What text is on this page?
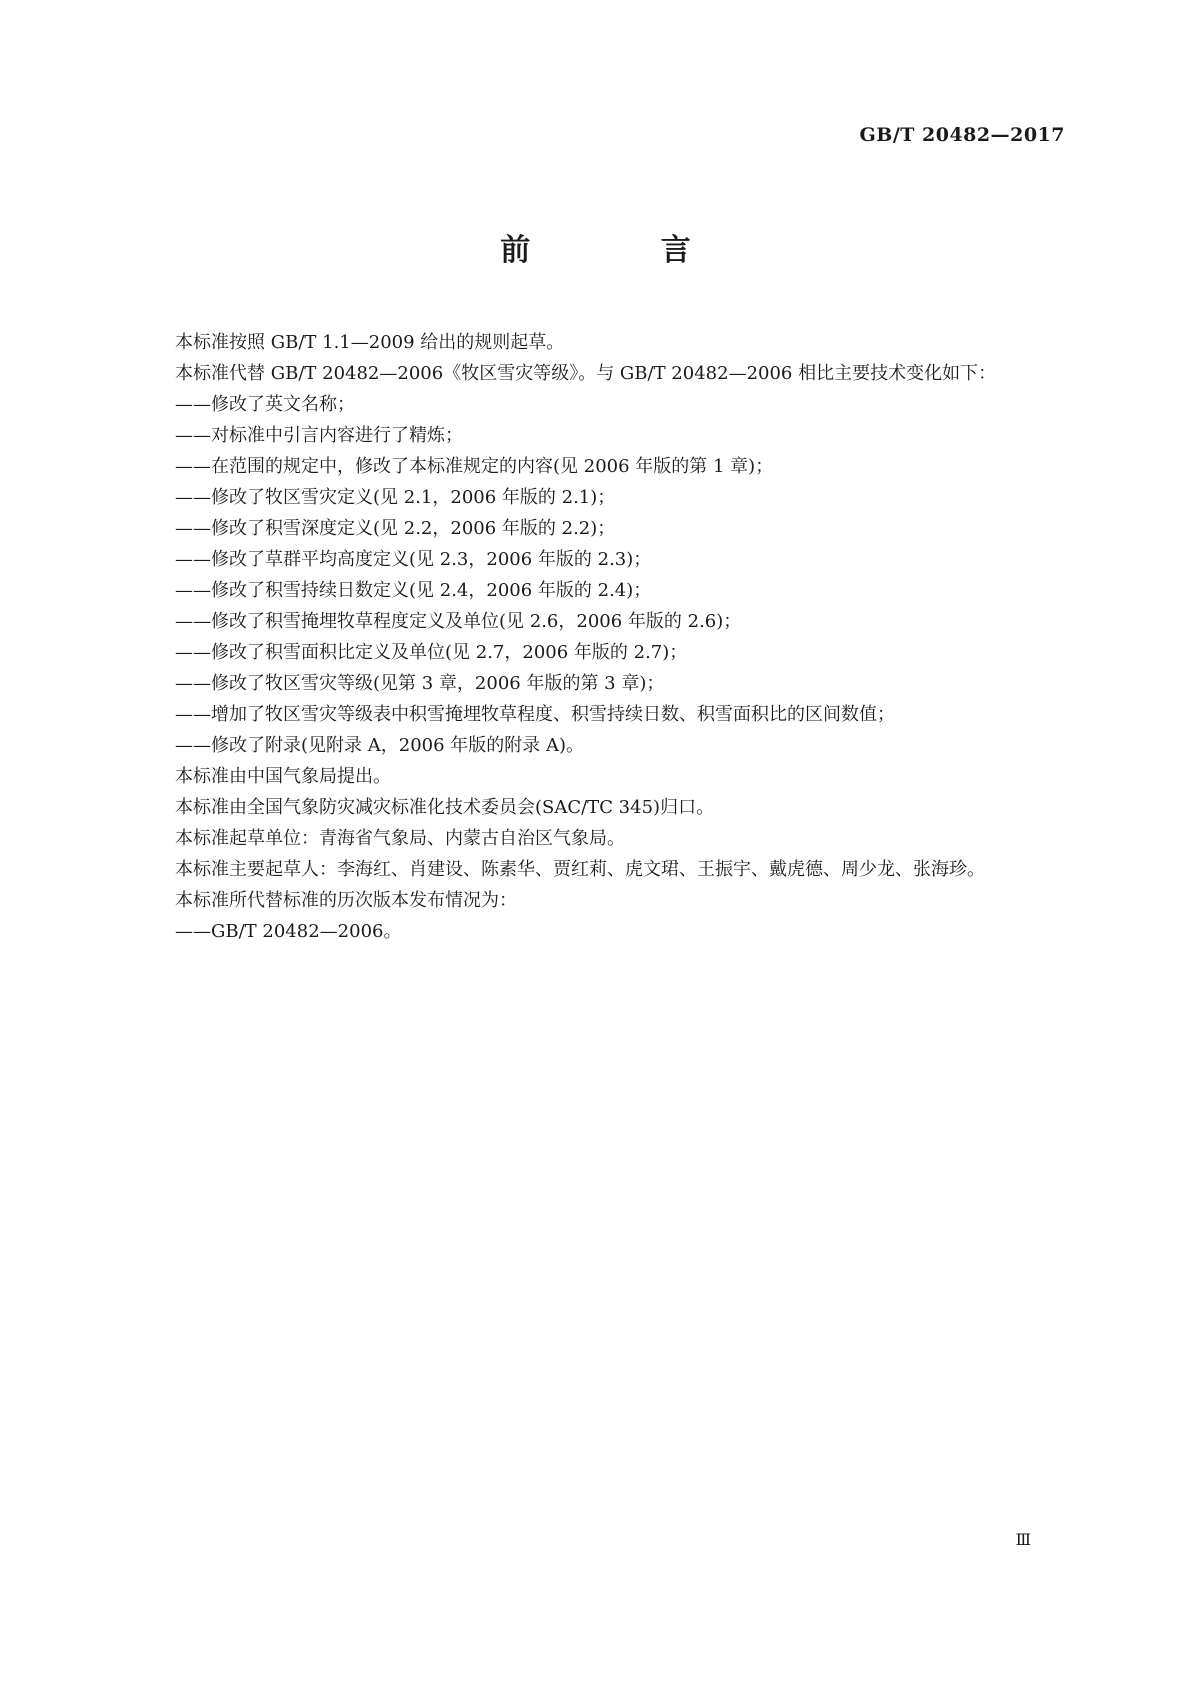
GB/T 20482—2017
前 言
本标准按照 GB/T 1.1—2009 给出的规则起草。
本标准代替 GB/T 20482—2006《牧区雪灾等级》。与 GB/T 20482—2006 相比主要技术变化如下：
——修改了英文名称；
——对标准中引言内容进行了精炼；
——在范围的规定中，修改了本标准规定的内容(见 2006 年版的第 1 章)；
——修改了牧区雪灾定义(见 2.1，2006 年版的 2.1)；
——修改了积雪深度定义(见 2.2，2006 年版的 2.2)；
——修改了草群平均高度定义(见 2.3，2006 年版的 2.3)；
——修改了积雪持续日数定义(见 2.4，2006 年版的 2.4)；
——修改了积雪掩埋牧草程度定义及单位(见 2.6，2006 年版的 2.6)；
——修改了积雪面积比定义及单位(见 2.7，2006 年版的 2.7)；
——修改了牧区雪灾等级(见第 3 章，2006 年版的第 3 章)；
——增加了牧区雪灾等级表中积雪掩埋牧草程度、积雪持续日数、积雪面积比的区间数值；
——修改了附录(见附录 A，2006 年版的附录 A)。
本标准由中国气象局提出。
本标准由全国气象防灾减灾标准化技术委员会(SAC/TC 345)归口。
本标准起草单位：青海省气象局、内蒙古自治区气象局。
本标准主要起草人：李海红、肖建设、陈素华、贾红莉、虎文珺、王振宇、戴虎德、周少龙、张海珍。
本标准所代替标准的历次版本发布情况为：
——GB/T 20482—2006。
Ⅲ
